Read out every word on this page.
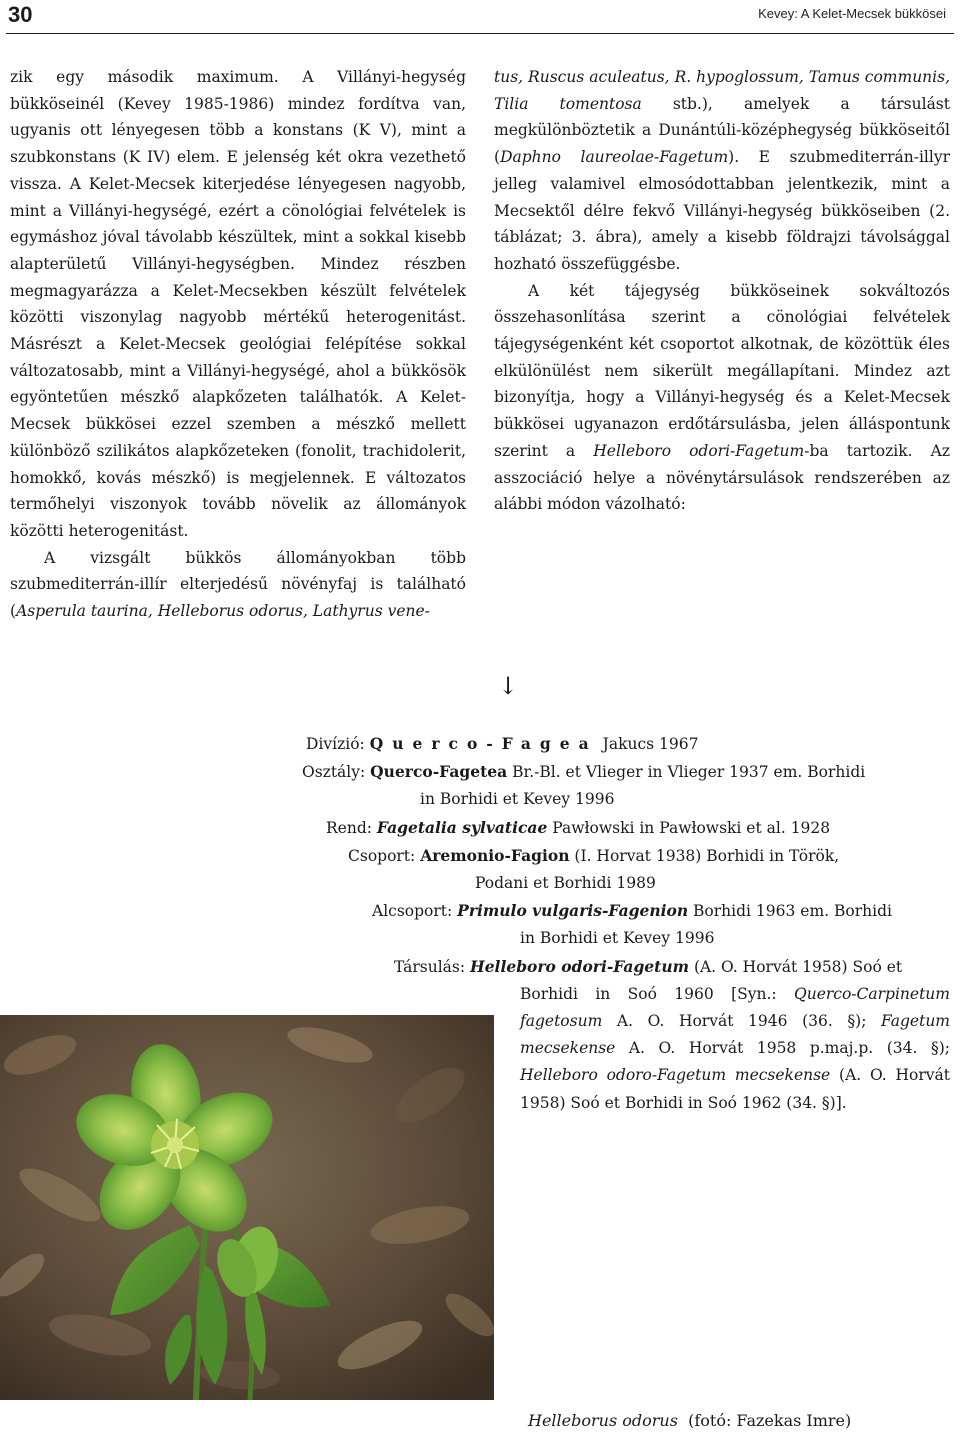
30	Kevey: A Kelet-Mecsek bükkösei

zik egy második maximum. A Villányi-hegység bükköseinél (Kevey 1985-1986) mindez fordítva van, ugyanis ott lényegesen több a konstans (K V), mint a szubkonstans (K IV) elem. E jelenség két okra vezethető vissza. A Kelet-Mecsek kiterjedése lényegesen nagyobb, mint a Villányi-hegységé, ezért a cönológiai felvételek is egymáshoz jóval távolabb készültek, mint a sokkal kisebb alapterületű Villányi-hegységben. Mindez részben megmagyarázza a Kelet-Mecsekben készült felvételek közötti viszonylag nagyobb mértékű heterogenitást. Másrészt a Kelet-Mecsek geológiai felépítése sokkal változatosabb, mint a Villányi-hegységé, ahol a bükkösök egyöntetűen mészkő alapkőzeten találhatók. A Kelet-Mecsek bükkösei ezzel szemben a mészkő mellett különböző szilikátos alapkőzeteken (fonolit, trachidolerit, homokkő, kovás mészkő) is megjelennek. E változatos termőhelyi viszonyok tovább növelik az állományok közötti heterogenitást.

A vizsgált bükkös állományokban több szubmediterrán-illír elterjedésű növényfaj is található (Asperula taurina, Helleborus odorus, Lathyrus vene-

tus, Ruscus aculeatus, R. hypoglossum, Tamus communis, Tilia tomentosa stb.), amelyek a társulást megkülönböztetik a Dunántúli-középhegység bükköseitől (Daphno laureolae-Fagetum). E szubmediterrán-illyr jelleg valamivel elmosódottabban jelentkezik, mint a Mecsektől délre fekvő Villányi-hegység bükköseiben (2. táblázat; 3. ábra), amely a kisebb földrajzi távolsággal hozható összefüggésbe.

A két tájegység bükköseinek sokváltozós összehasonlítása szerint a cönológiai felvételek tájegységenként két csoportot alkotnak, de közöttük éles elkülönülést nem sikerült megállapítani. Mindez azt bizonyítja, hogy a Villányi-hegység és a Kelet-Mecsek bükkösei ugyanazon erdőtársulásba, jelen álláspontunk szerint a Helleboro odori-Fagetum-ba tartozik. Az asszociáció helye a növénytársulások rendszerében az alábbi módon vázolható:

↓
Divízió: Querco-Fagea Jakucs 1967
Osztály: Querco-Fagetea Br.-Bl. et Vlieger in Vlieger 1937 em. Borhidi
in Borhidi et Kevey 1996
Rend: Fagetalia sylvaticae Pawłowski in Pawłowski et al. 1928
Csoport: Aremonio-Fagion (I. Horvat 1938) Borhidi in Török,
Podani et Borhidi 1989
Alcsoport: Primulo vulgaris-Fagenion Borhidi 1963 em. Borhidi
in Borhidi et Kevey 1996
Társulás: Helleboro odori-Fagetum (A. O. Horvát 1958) Soó et
Borhidi in Soó 1960 [Syn.: Querco-Carpinetum fagetosum A. O. Horvát 1946 (36. §); Fagetum mecsekense A. O. Horvát 1958 p.maj.p. (34. §); Helleboro odoro-Fagetum mecsekense (A. O. Horvát 1958) Soó et Borhidi in Soó 1962 (34. §)].
Helleborus odorus (fotó: Fazekas Imre)
